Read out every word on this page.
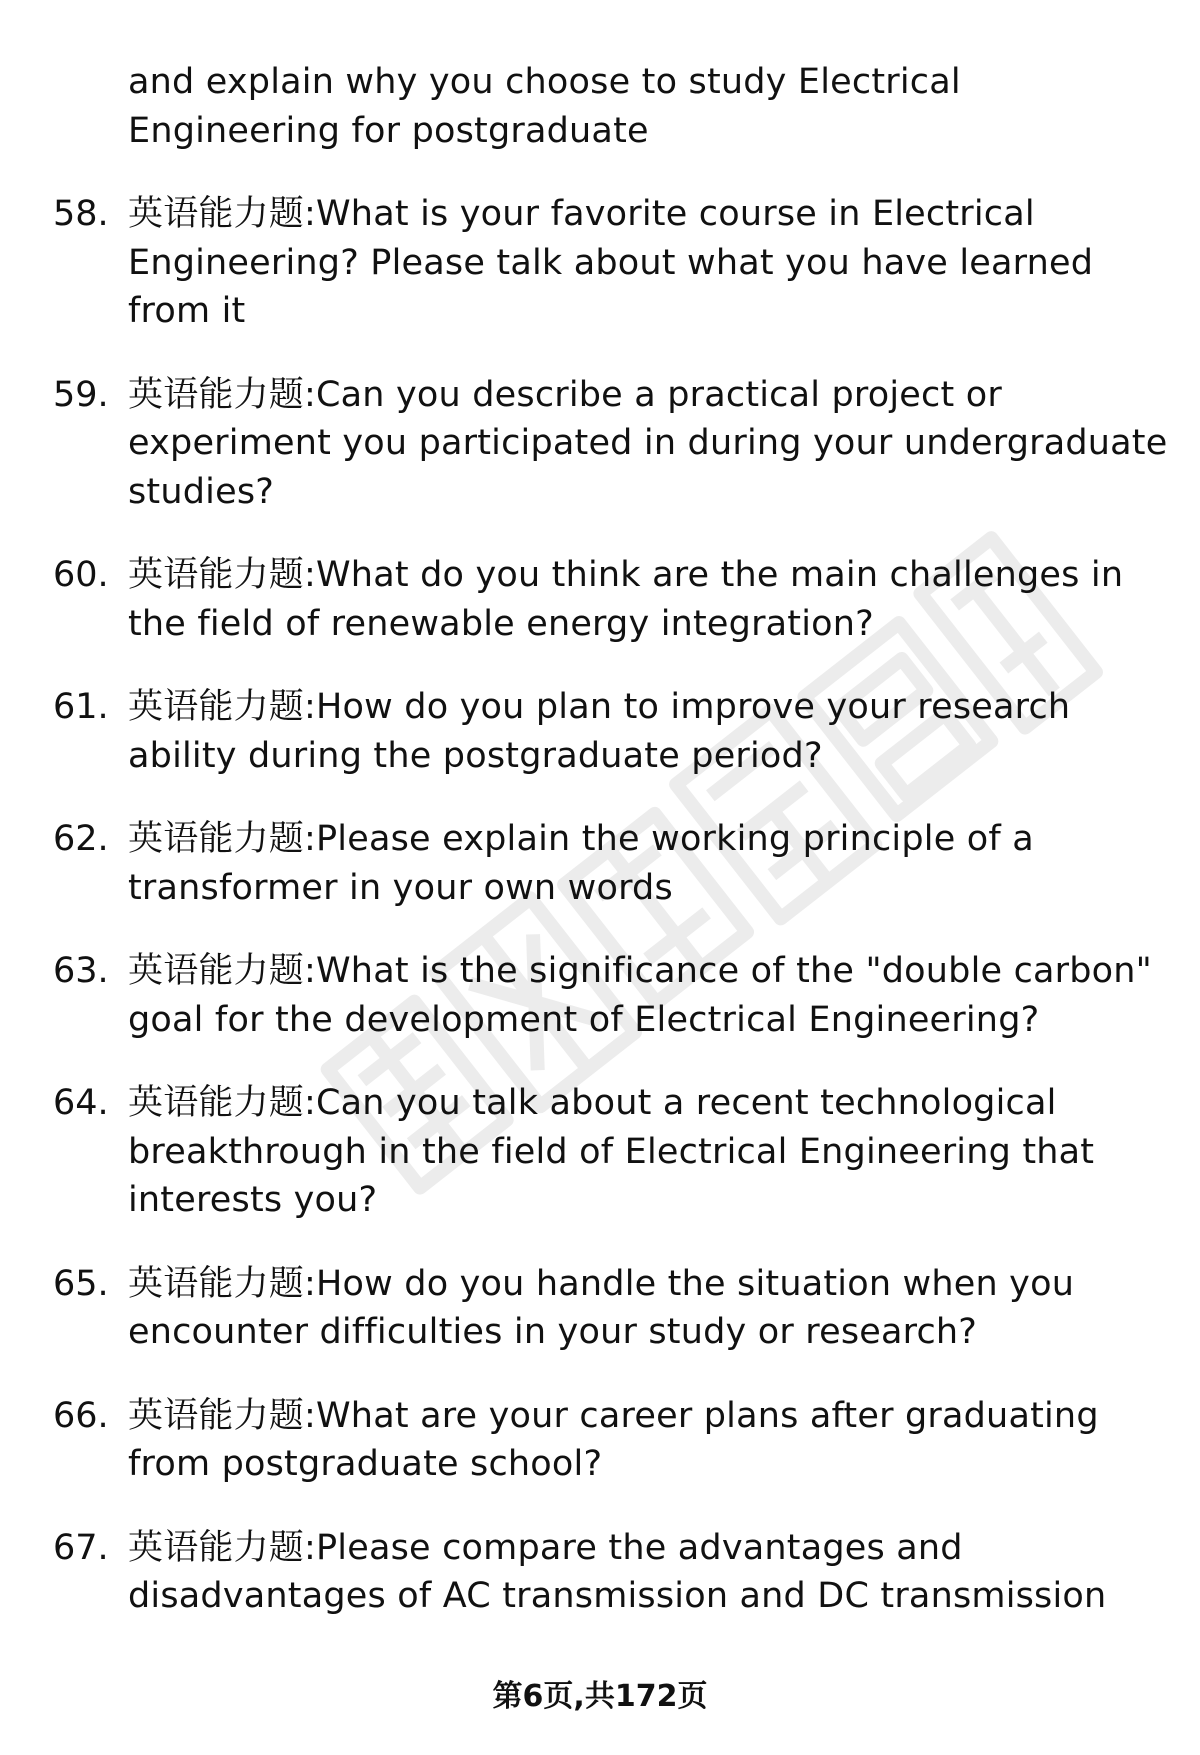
and explain why you choose to study Electrical Engineering for postgraduate
58. 英语能力题:What is your favorite course in Electrical Engineering? Please talk about what you have learned from it
59. 英语能力题:Can you describe a practical project or experiment you participated in during your undergraduate studies?
60. 英语能力题:What do you think are the main challenges in the field of renewable energy integration?
61. 英语能力题:How do you plan to improve your research ability during the postgraduate period?
62. 英语能力题:Please explain the working principle of a transformer in your own words
63. 英语能力题:What is the significance of the "double carbon" goal for the development of Electrical Engineering?
64. 英语能力题:Can you talk about a recent technological breakthrough in the field of Electrical Engineering that interests you?
65. 英语能力题:How do you handle the situation when you encounter difficulties in your study or research?
66. 英语能力题:What are your career plans after graduating from postgraduate school?
67. 英语能力题:Please compare the advantages and disadvantages of AC transmission and DC transmission
第6页,共172页
